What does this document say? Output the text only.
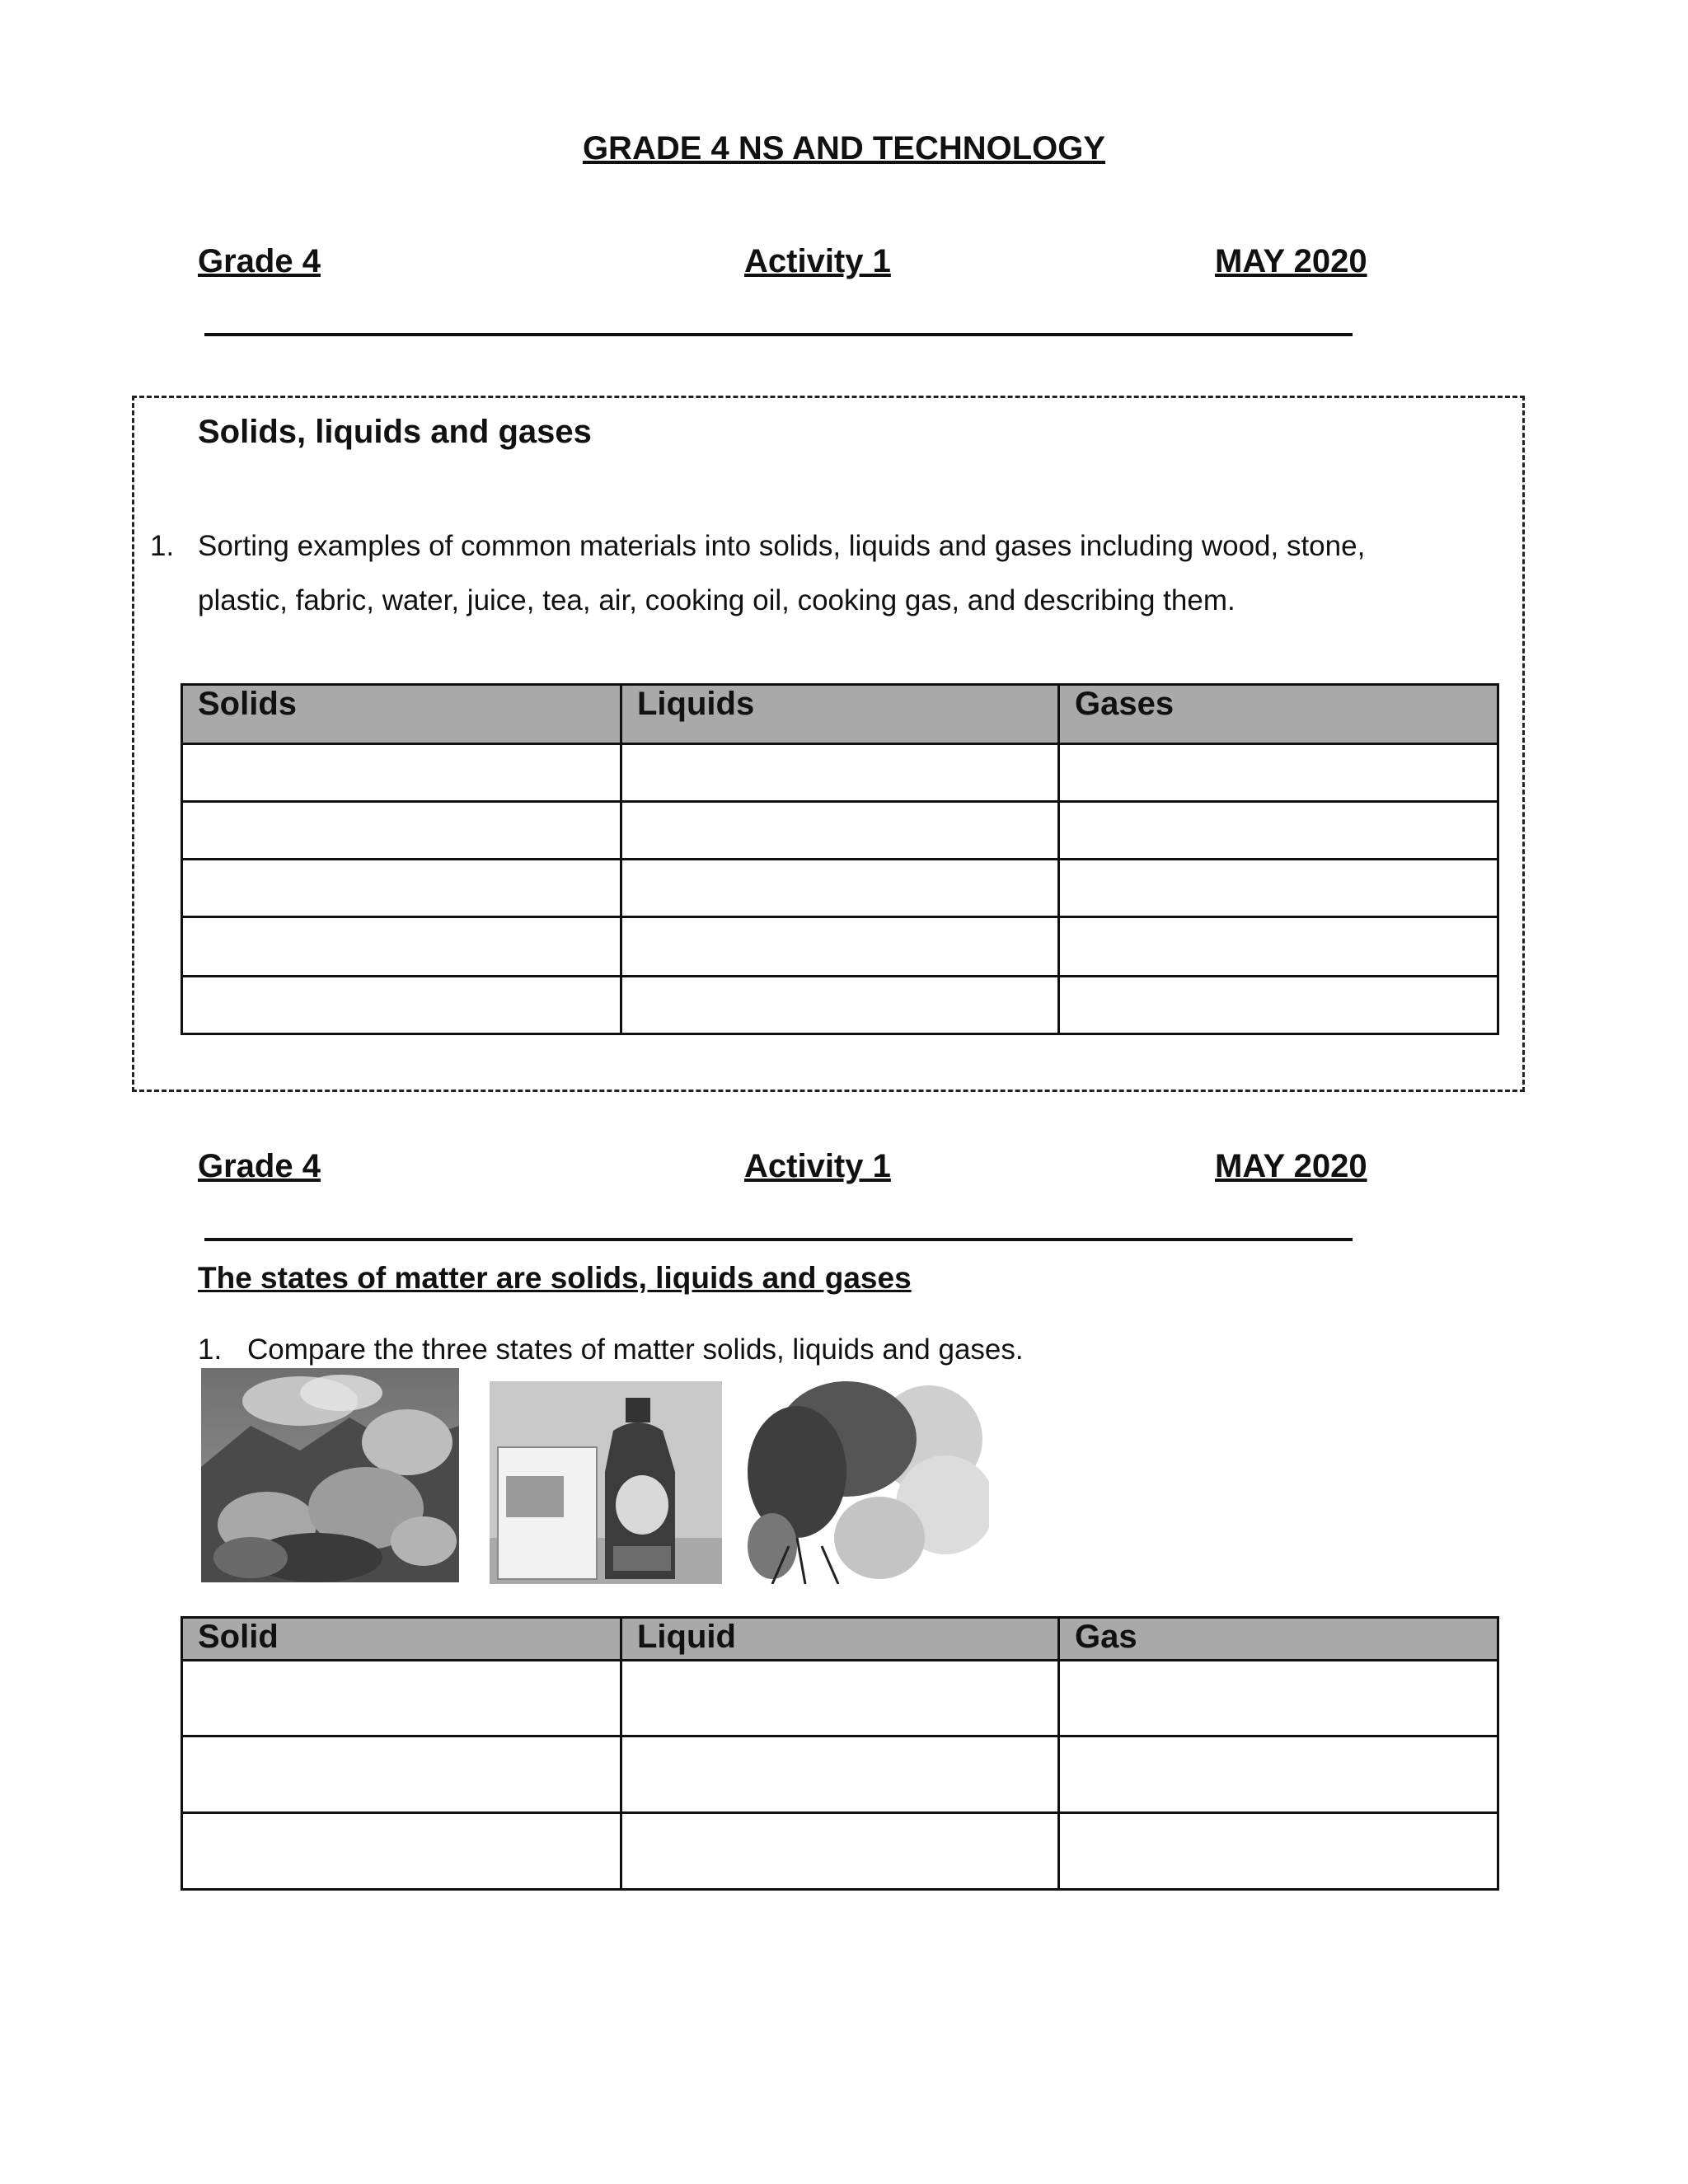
GRADE 4 NS AND TECHNOLOGY
Grade 4	Activity 1	MAY 2020
Solids, liquids and gases
1. Sorting examples of common materials into solids, liquids and gases including wood, stone,
plastic, fabric, water, juice, tea, air, cooking oil, cooking gas, and describing them.
Solids	Liquids	Gases

Grade 4	Activity 1	MAY 2020
The states of matter are solids, liquids and gases
1. Compare the three states of matter solids, liquids and gases.
Solid	Liquid	Gas
